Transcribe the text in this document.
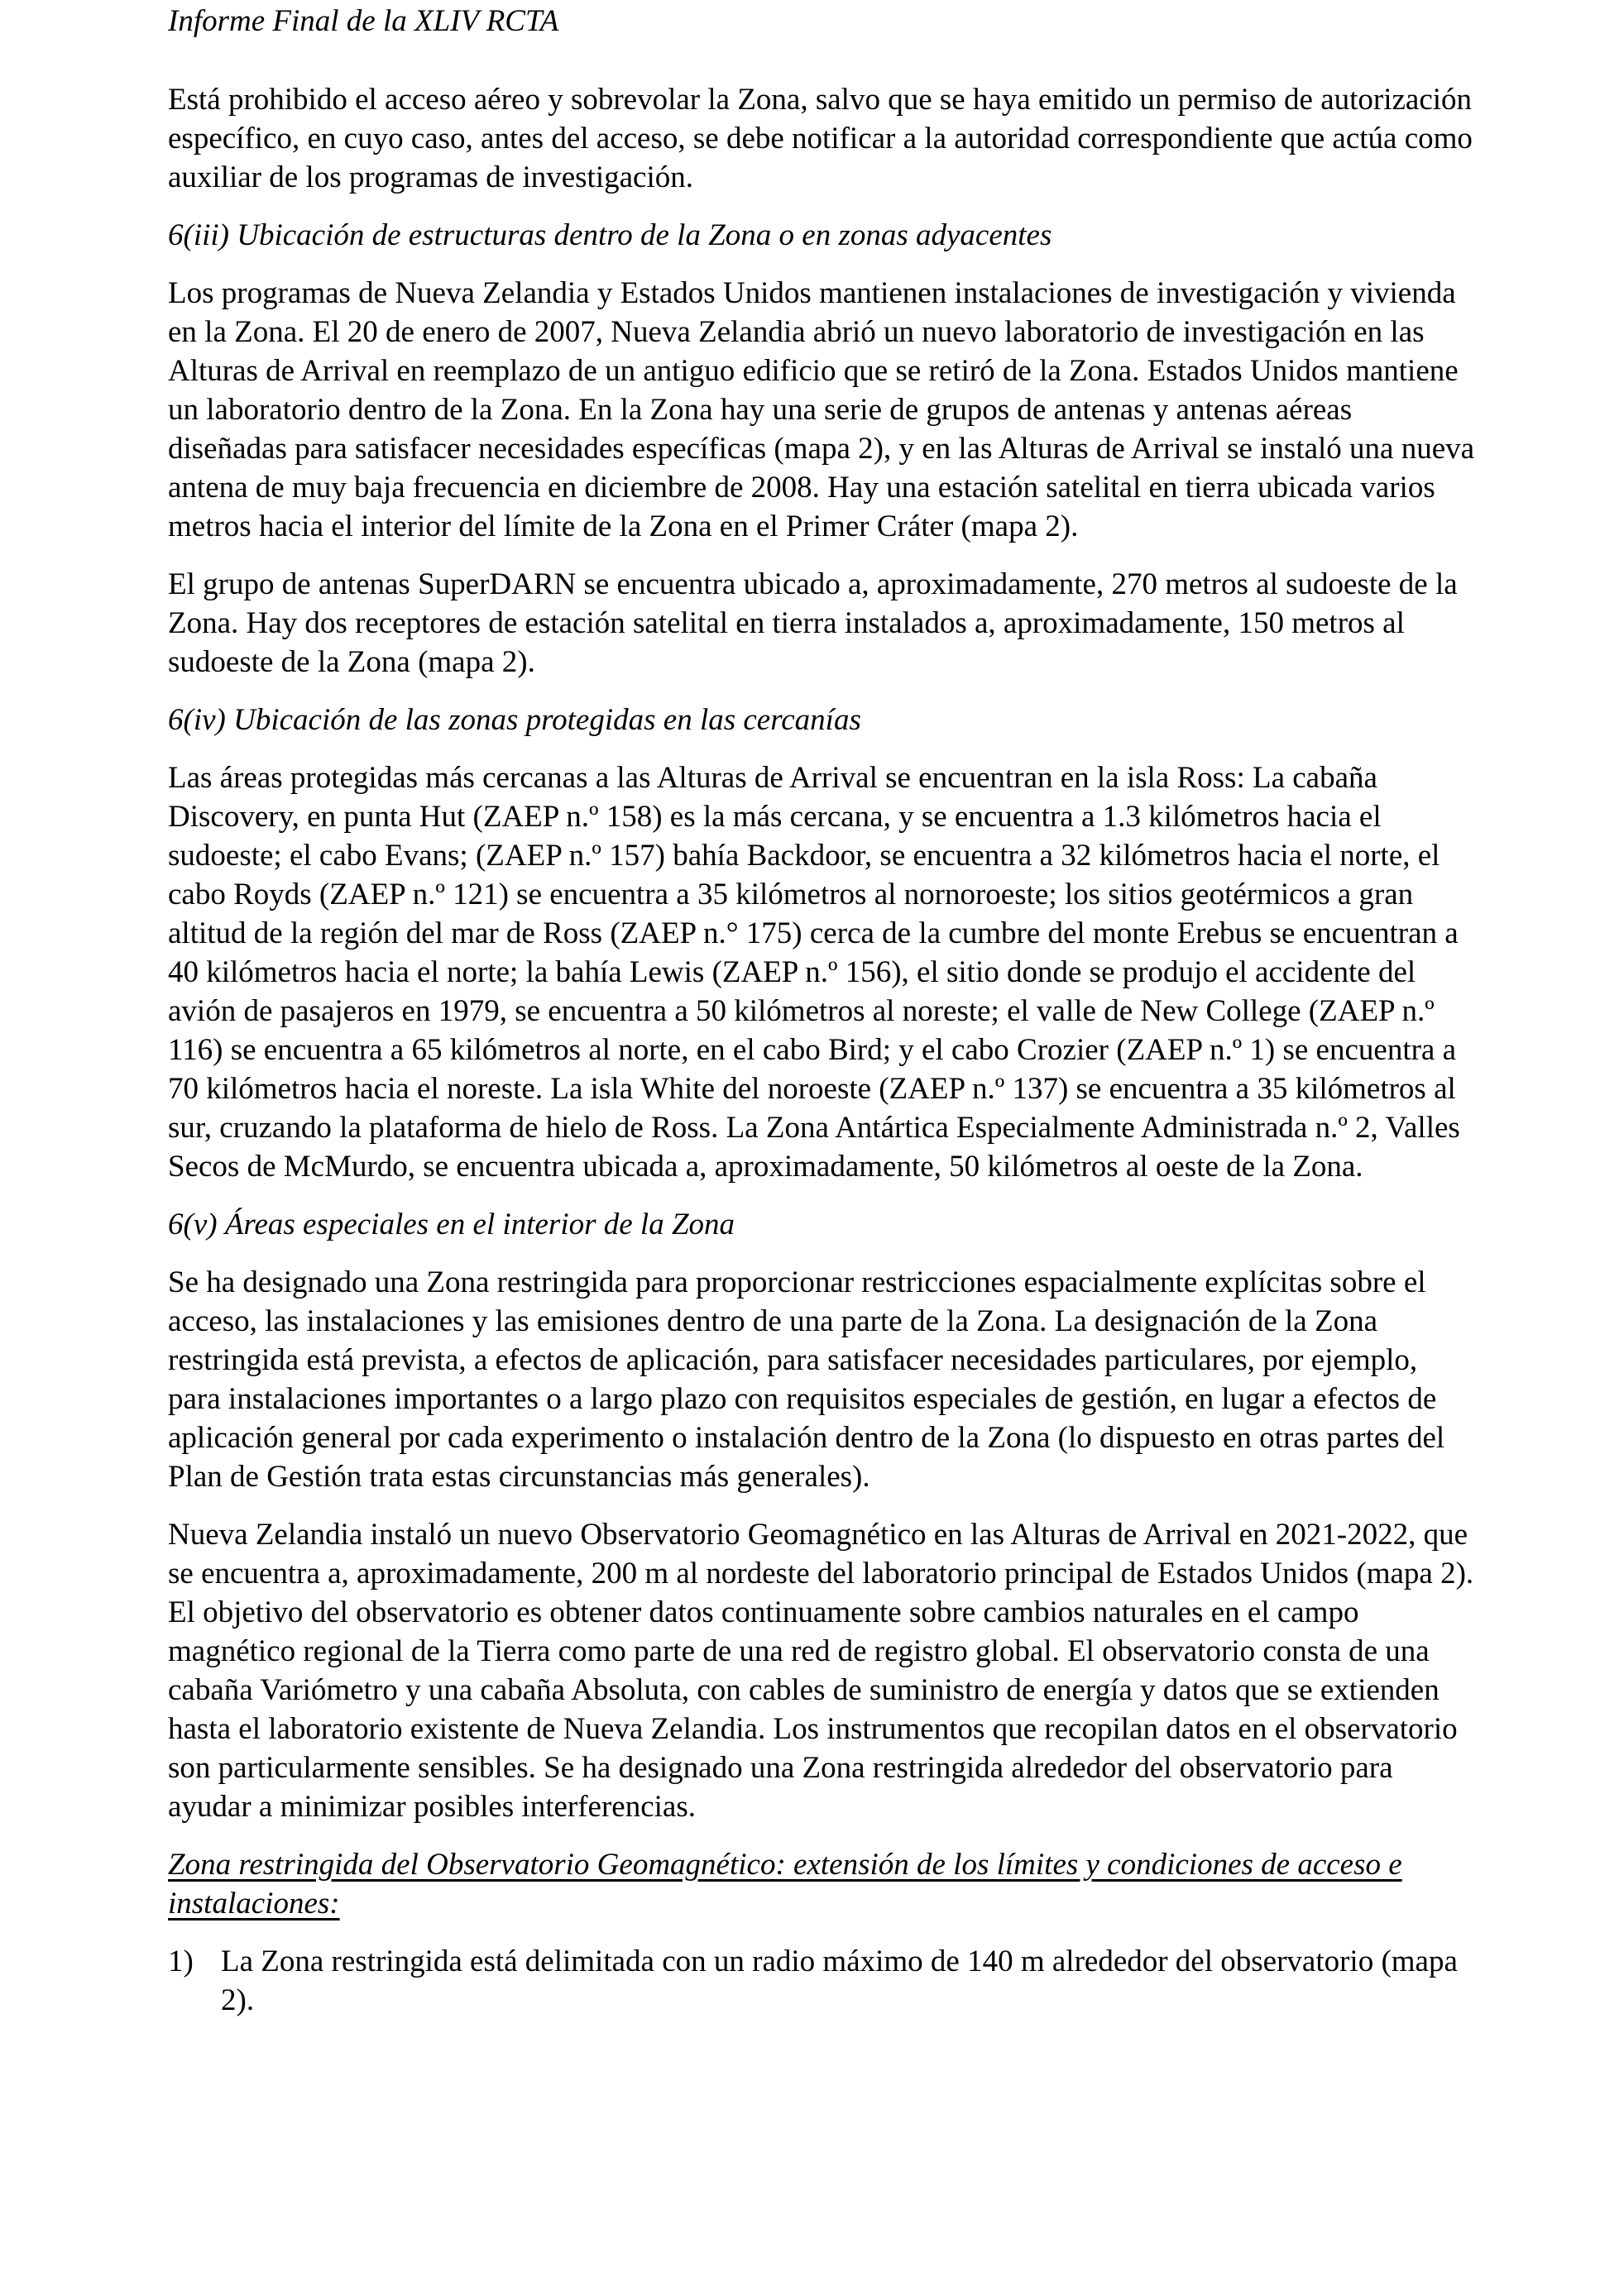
Informe Final de la XLIV RCTA

Está prohibido el acceso aéreo y sobrevolar la Zona, salvo que se haya emitido un permiso de autorización específico, en cuyo caso, antes del acceso, se debe notificar a la autoridad correspondiente que actúa como auxiliar de los programas de investigación.

6(iii) Ubicación de estructuras dentro de la Zona o en zonas adyacentes

Los programas de Nueva Zelandia y Estados Unidos mantienen instalaciones de investigación y vivienda en la Zona. El 20 de enero de 2007, Nueva Zelandia abrió un nuevo laboratorio de investigación en las Alturas de Arrival en reemplazo de un antiguo edificio que se retiró de la Zona. Estados Unidos mantiene un laboratorio dentro de la Zona. En la Zona hay una serie de grupos de antenas y antenas aéreas diseñadas para satisfacer necesidades específicas (mapa 2), y en las Alturas de Arrival se instaló una nueva antena de muy baja frecuencia en diciembre de 2008. Hay una estación satelital en tierra ubicada varios metros hacia el interior del límite de la Zona en el Primer Cráter (mapa 2).

El grupo de antenas SuperDARN se encuentra ubicado a, aproximadamente, 270 metros al sudoeste de la Zona. Hay dos receptores de estación satelital en tierra instalados a, aproximadamente, 150 metros al sudoeste de la Zona (mapa 2).

6(iv) Ubicación de las zonas protegidas en las cercanías

Las áreas protegidas más cercanas a las Alturas de Arrival se encuentran en la isla Ross: La cabaña Discovery, en punta Hut (ZAEP n.º 158) es la más cercana, y se encuentra a 1.3 kilómetros hacia el sudoeste; el cabo Evans; (ZAEP n.º 157) bahía Backdoor, se encuentra a 32 kilómetros hacia el norte, el cabo Royds (ZAEP n.º 121) se encuentra a 35 kilómetros al nornoroeste; los sitios geotérmicos a gran altitud de la región del mar de Ross (ZAEP n.° 175) cerca de la cumbre del monte Erebus se encuentran a 40 kilómetros hacia el norte; la bahía Lewis (ZAEP n.º 156), el sitio donde se produjo el accidente del avión de pasajeros en 1979, se encuentra a 50 kilómetros al noreste; el valle de New College (ZAEP n.º 116) se encuentra a 65 kilómetros al norte, en el cabo Bird; y el cabo Crozier (ZAEP n.º 1) se encuentra a 70 kilómetros hacia el noreste. La isla White del noroeste (ZAEP n.º 137) se encuentra a 35 kilómetros al sur, cruzando la plataforma de hielo de Ross. La Zona Antártica Especialmente Administrada n.º 2, Valles Secos de McMurdo, se encuentra ubicada a, aproximadamente, 50 kilómetros al oeste de la Zona.

6(v) Áreas especiales en el interior de la Zona

Se ha designado una Zona restringida para proporcionar restricciones espacialmente explícitas sobre el acceso, las instalaciones y las emisiones dentro de una parte de la Zona. La designación de la Zona restringida está prevista, a efectos de aplicación, para satisfacer necesidades particulares, por ejemplo, para instalaciones importantes o a largo plazo con requisitos especiales de gestión, en lugar a efectos de aplicación general por cada experimento o instalación dentro de la Zona (lo dispuesto en otras partes del Plan de Gestión trata estas circunstancias más generales).

Nueva Zelandia instaló un nuevo Observatorio Geomagnético en las Alturas de Arrival en 2021-2022, que se encuentra a, aproximadamente, 200 m al nordeste del laboratorio principal de Estados Unidos (mapa 2). El objetivo del observatorio es obtener datos continuamente sobre cambios naturales en el campo magnético regional de la Tierra como parte de una red de registro global. El observatorio consta de una cabaña Variómetro y una cabaña Absoluta, con cables de suministro de energía y datos que se extienden hasta el laboratorio existente de Nueva Zelandia. Los instrumentos que recopilan datos en el observatorio son particularmente sensibles. Se ha designado una Zona restringida alrededor del observatorio para ayudar a minimizar posibles interferencias.

Zona restringida del Observatorio Geomagnético: extensión de los límites y condiciones de acceso e instalaciones:

1) La Zona restringida está delimitada con un radio máximo de 140 m alrededor del observatorio (mapa 2).
